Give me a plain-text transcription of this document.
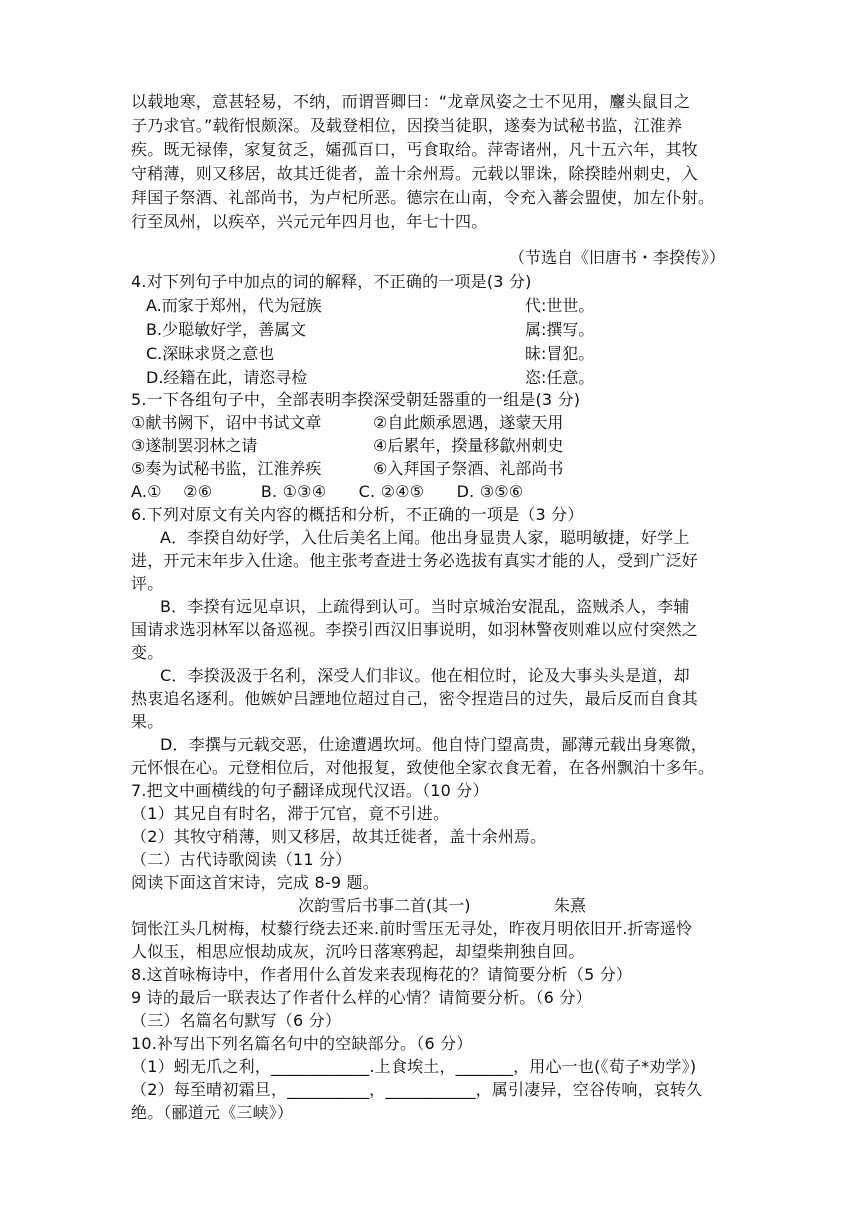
以载地寒，意甚轻易，不纳，而谓晋卿曰：“龙章凤姿之士不见用，麞头鼠目之
子乃求官。”载衔恨颇深。及载登相位，因揆当徒职，遂奏为试秘书监，江淮养
疾。既无禄俸，家复贫乏，孀孤百口，丐食取给。萍寄诸州，凡十五六年，其牧
守稍薄，则又移居，故其迁徙者，盖十余州焉。元载以罪诛，除揆睦州刺史，入
拜国子祭酒、礼部尚书，为卢杞所恶。德宗在山南，令充入蕃会盟使，加左仆射。
行至凤州，以疾卒，兴元元年四月也，年七十四。
（节选自《旧唐书・李揆传》）
4.对下列句子中加点的词的解释，不正确的一项是(3 分)
A.而家于郑州，代为冠族	代:世世。
B.少聪敏好学，善属文	属:撰写。
C.深昧求贤之意也	昧:冒犯。
D.经籍在此，请恣寻检	恣:任意。
5.一下各组句子中，全部表明李揆深受朝廷器重的一组是(3 分)
①献书阙下，诏中书试文章	②自此颇承恩遇，遂蒙天用
③遂制罢羽林之请	④后累年，揆量移歙州刺史
⑤奏为试秘书监，江淮养疾	⑥入拜国子祭酒、礼部尚书
A.①　 ②⑥　　　B. ①③④　　C. ②④⑤　　D. ③⑤⑥
6.下列对原文有关内容的概括和分析，不正确的一项是（3 分）
A．李揆自幼好学，入仕后美名上闻。他出身显贵人家，聪明敏捷，好学上
进，开元末年步入仕途。他主张考查进士务必选拔有真实才能的人，受到广泛好
评。
B．李揆有远见卓识，上疏得到认可。当时京城治安混乱，盗贼杀人，李辅
国请求选羽林军以备巡视。李揆引西汉旧事说明，如羽林警夜则难以应付突然之
变。
C．李揆汲汲于名利，深受人们非议。他在相位时，论及大事头头是道，却
热衷追名逐利。他嫉妒吕諲地位超过自己，密令捏造吕的过失，最后反而自食其
果。
D．李撰与元载交恶，仕途遭遇坎坷。他自恃门望高贵，鄙薄元载出身寒微，
元怀恨在心。元登相位后，对他报复，致使他全家衣食无着，在各州飘泊十多年。
7.把文中画横线的句子翻译成现代汉语。（10 分）
（1）其兄自有时名，滞于冗官，竟不引进。
（2）其牧守稍薄，则又移居，故其迁徙者，盖十余州焉。
（二）古代诗歌阅读（11 分）
阅读下面这首宋诗，完成 8-9 题。
次韵雪后书事二首(其一)	朱熹
饲怅江头几树梅，杖藜行绕去还来.前时雪压无寻处，昨夜月明依旧开.折寄遥怜
人似玉，相思应恨劫成灰，沉吟日落寒鸦起，却望柴荆独自回。
8.这首咏梅诗中，作者用什么首发来表现梅花的？请简要分析（5 分）
9 诗的最后一联表达了作者什么样的心情？请简要分析。（6 分）
（三）名篇名句默写（6 分）
10.补写出下列名篇名句中的空缺部分。（6 分）
（1）蚓无爪之利，____________.上食埃土，_______，用心一也(《荀子*劝学》)
（2）每至晴初霜旦，__________，___________，属引凄异，空谷传响，哀转久
绝。（郦道元《三峡》）
